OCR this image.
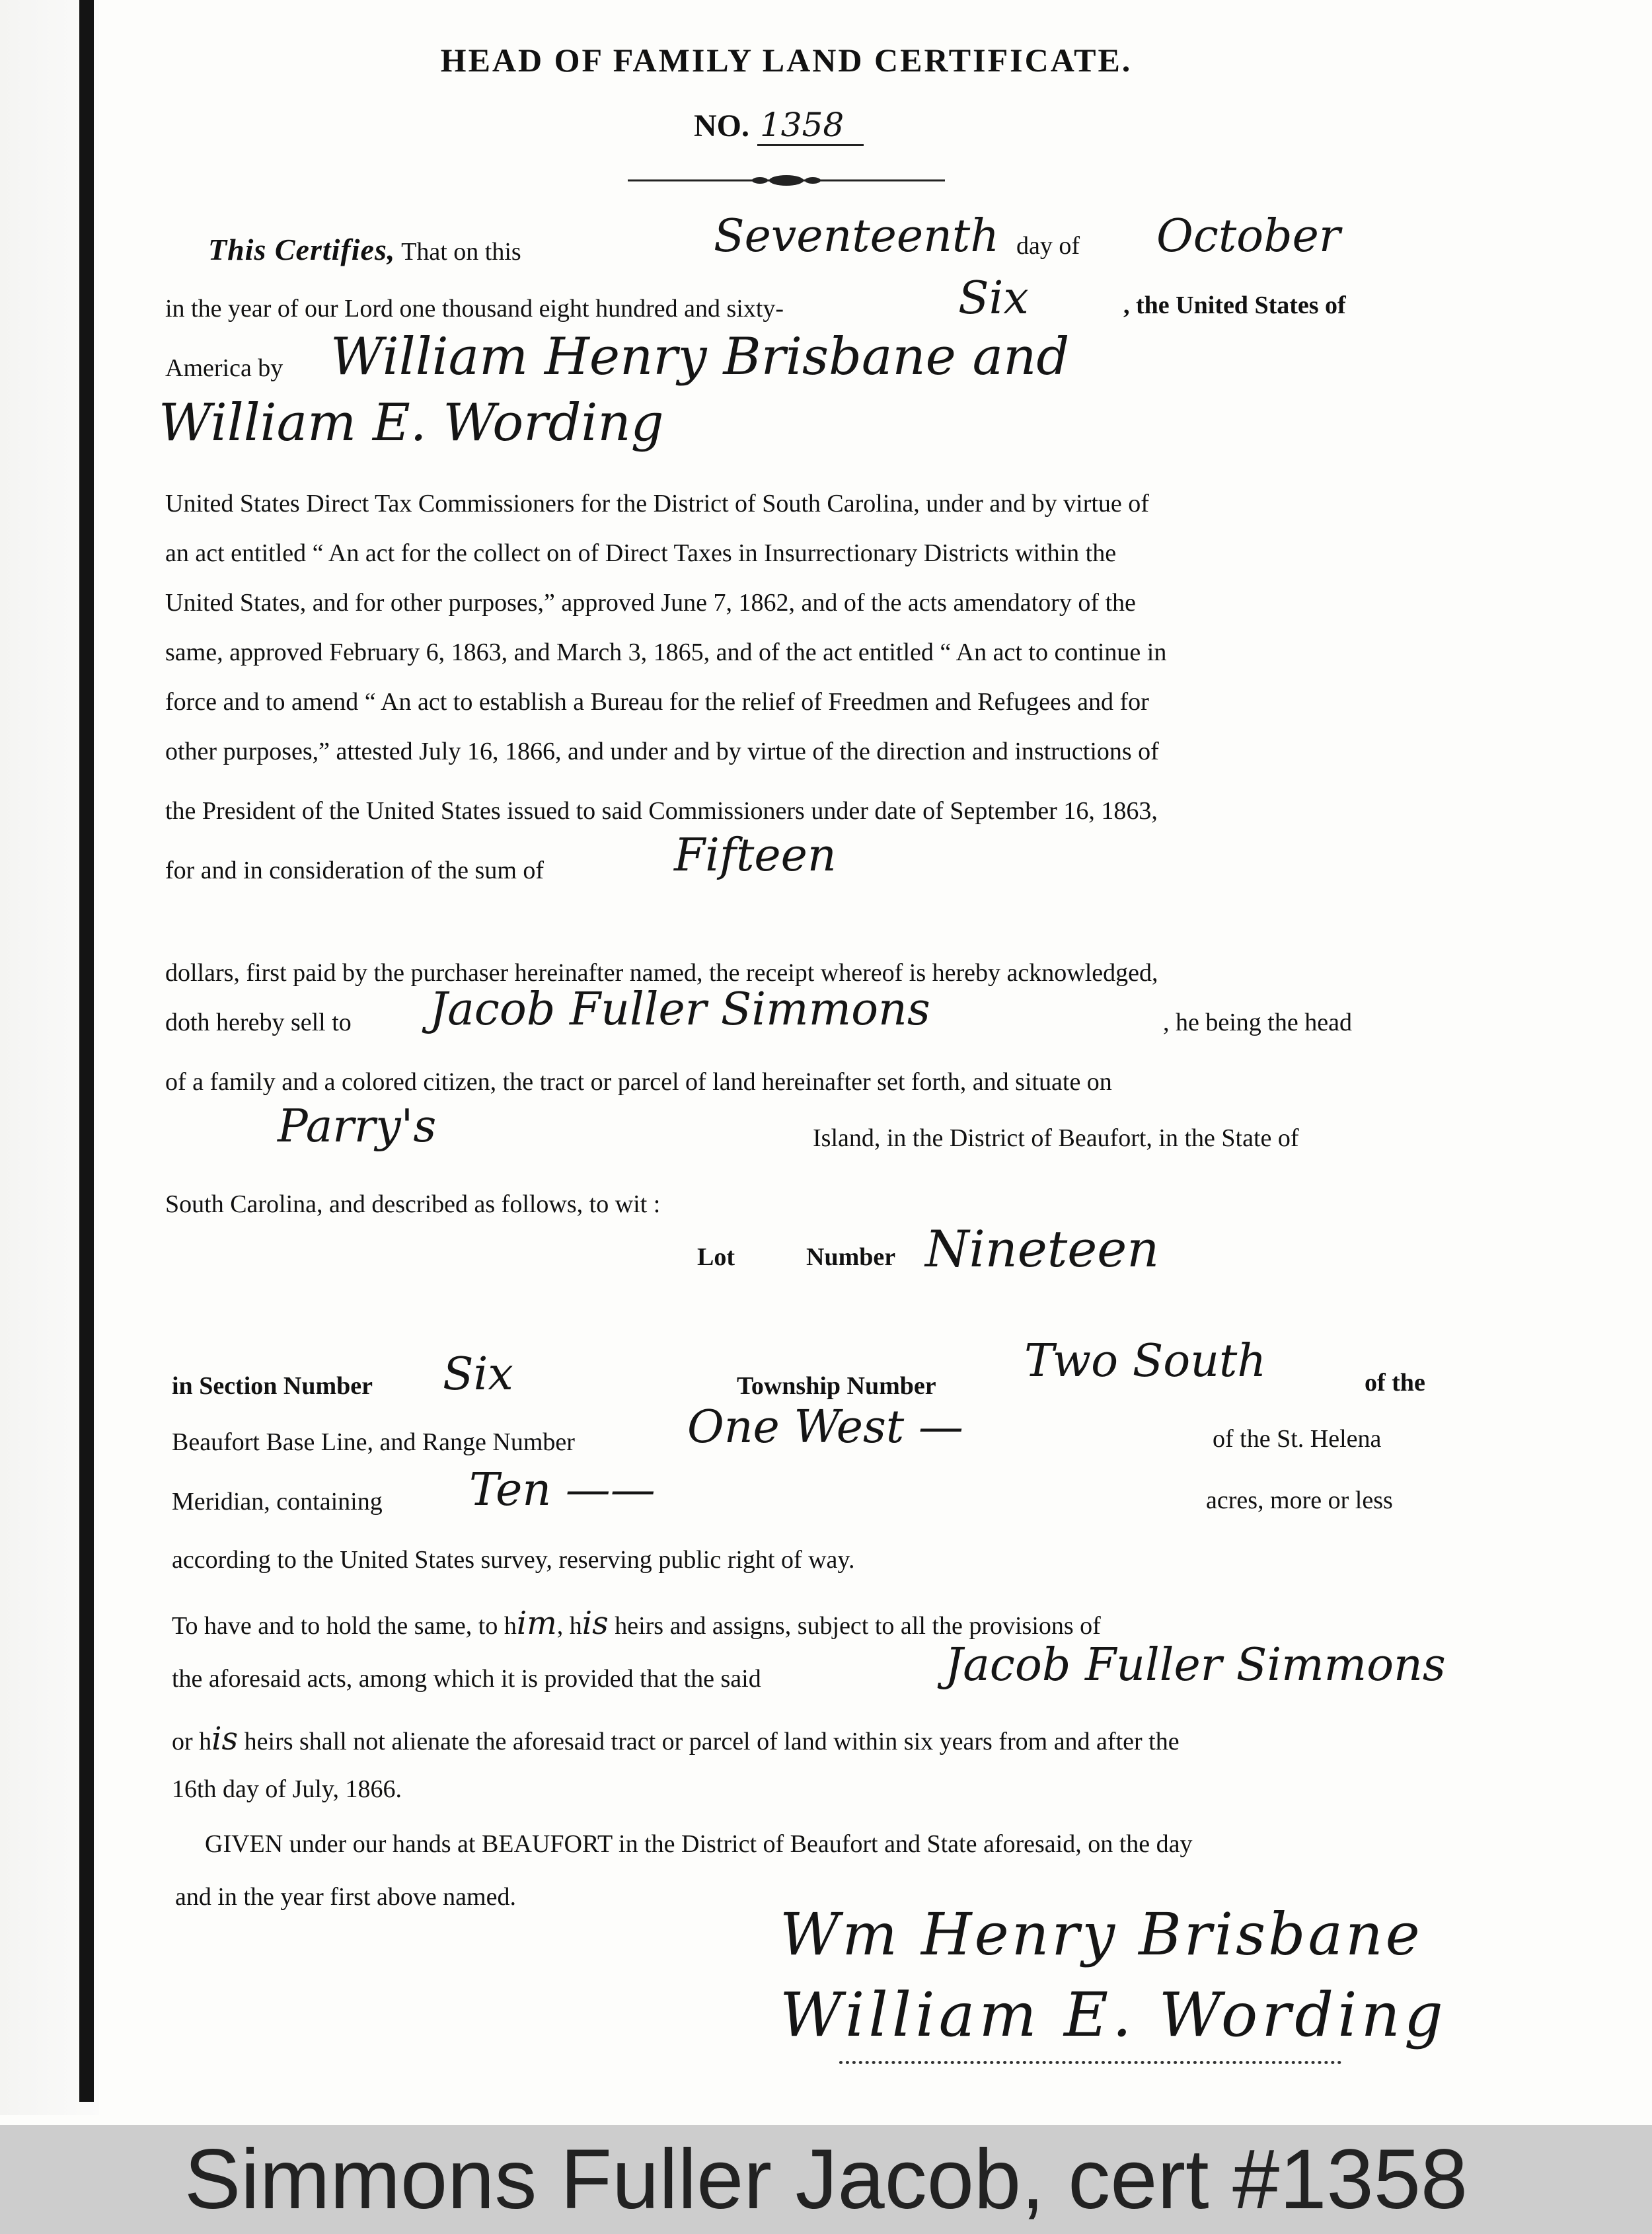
HEAD OF FAMILY LAND CERTIFICATE.
NO. 1358
This Certifies, That on this	Seventeenth day of October
in the year of our Lord one thousand eight hundred and sixty-	Six	, the United States of
America by William Henry Brisbane and
William E. Wording
United States Direct Tax Commissioners for the District of South Carolina, under and by virtue of
an act entitled “ An act for the collect on of Direct Taxes in Insurrectionary Districts within the
United States, and for other purposes,” approved June 7, 1862, and of the acts amendatory of the
same, approved February 6, 1863, and March 3, 1865, and of the act entitled “ An act to continue in
force and to amend “ An act to establish a Bureau for the relief of Freedmen and Refugees and for
other purposes,” attested July 16, 1866, and under and by virtue of the direction and instructions of
the President of the United States issued to said Commissioners under date of September 16, 1863,
for and in consideration of the sum of	Fifteen
dollars, first paid by the purchaser hereinafter named, the receipt whereof is hereby acknowledged,
doth hereby sell to Jacob Fuller Simmons	, he being the head
of a family and a colored citizen, the tract or parcel of land hereinafter set forth, and situate on
Parry's	Island, in the District of Beaufort, in the State of
South Carolina, and described as follows, to wit :
Lot	Number Nineteen
in Section Number Six	Township Number Two South	of the
Beaufort Base Line, and Range Number	One West —	of the St. Helena
Meridian, containing Ten ——	acres, more or less
according to the United States survey, reserving public right of way.
To have and to hold the same, to him, his heirs and assigns, subject to all the provisions of
the aforesaid acts, among which it is provided that the said	Jacob Fuller Simmons
or his heirs shall not alienate the aforesaid tract or parcel of land within six years from and after the
16th day of July, 1866.
GIVEN under our hands at BEAUFORT in the District of Beaufort and State aforesaid, on the day
and in the year first above named.
Wm Henry Brisbane
William E. Wording
Simmons Fuller Jacob, cert #1358
